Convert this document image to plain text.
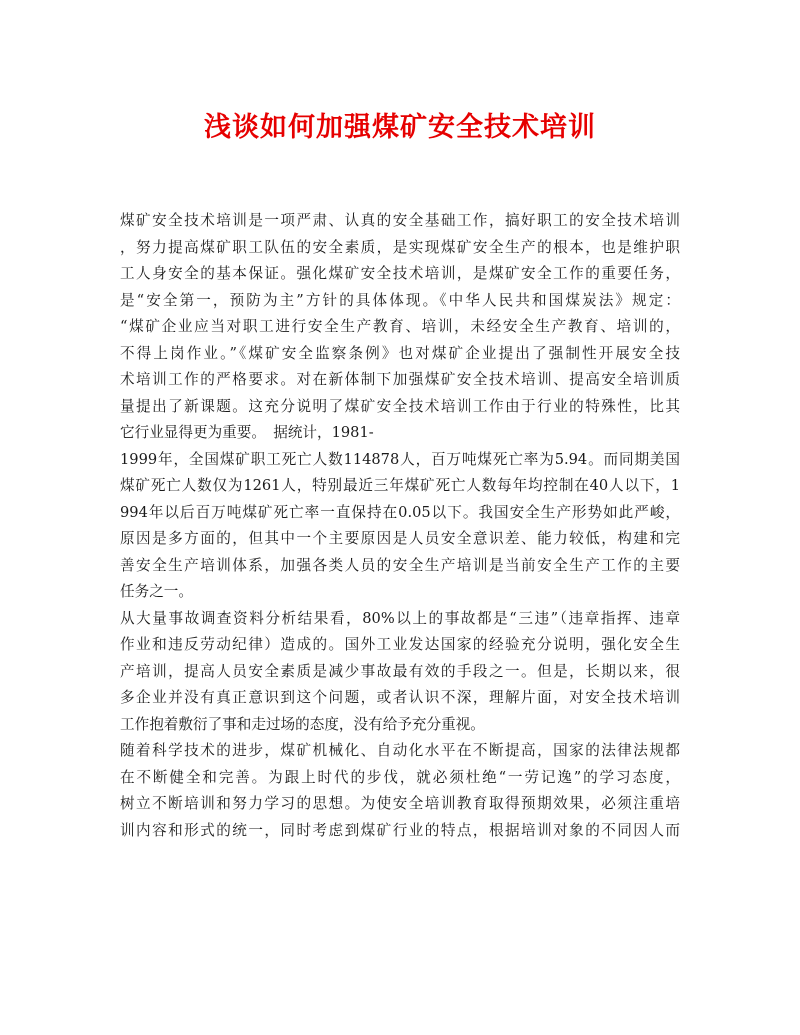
浅谈如何加强煤矿安全技术培训
煤矿安全技术培训是一项严肃、认真的安全基础工作，搞好职工的安全技术培训
，努力提高煤矿职工队伍的安全素质，是实现煤矿安全生产的根本，也是维护职
工人身安全的基本保证。强化煤矿安全技术培训，是煤矿安全工作的重要任务，
是“安全第一，预防为主”方针的具体体现。《中华人民共和国煤炭法》规定：
“煤矿企业应当对职工进行安全生产教育、培训，未经安全生产教育、培训的，
不得上岗作业。”《煤矿安全监察条例》也对煤矿企业提出了强制性开展安全技
术培训工作的严格要求。对在新体制下加强煤矿安全技术培训、提高安全培训质
量提出了新课题。这充分说明了煤矿安全技术培训工作由于行业的特殊性，比其
它行业显得更为重要。　据统计，1981-
1999年，全国煤矿职工死亡人数114878人，百万吨煤死亡率为5.94。而同期美国
煤矿死亡人数仅为1261人，特别最近三年煤矿死亡人数每年均控制在40人以下，1
994年以后百万吨煤矿死亡率一直保持在0.05以下。我国安全生产形势如此严峻，
原因是多方面的，但其中一个主要原因是人员安全意识差、能力较低，构建和完
善安全生产培训体系，加强各类人员的安全生产培训是当前安全生产工作的主要
任务之一。
从大量事故调查资料分析结果看，80%以上的事故都是“三违”（违章指挥、违章
作业和违反劳动纪律）造成的。国外工业发达国家的经验充分说明，强化安全生
产培训，提高人员安全素质是减少事故最有效的手段之一。但是，长期以来，很
多企业并没有真正意识到这个问题，或者认识不深，理解片面，对安全技术培训
工作抱着敷衍了事和走过场的态度，没有给予充分重视。
随着科学技术的进步，煤矿机械化、自动化水平在不断提高，国家的法律法规都
在不断健全和完善。为跟上时代的步伐，就必须杜绝“一劳记逸”的学习态度，
树立不断培训和努力学习的思想。为使安全培训教育取得预期效果，必须注重培
训内容和形式的统一，同时考虑到煤矿行业的特点，根据培训对象的不同因人而
